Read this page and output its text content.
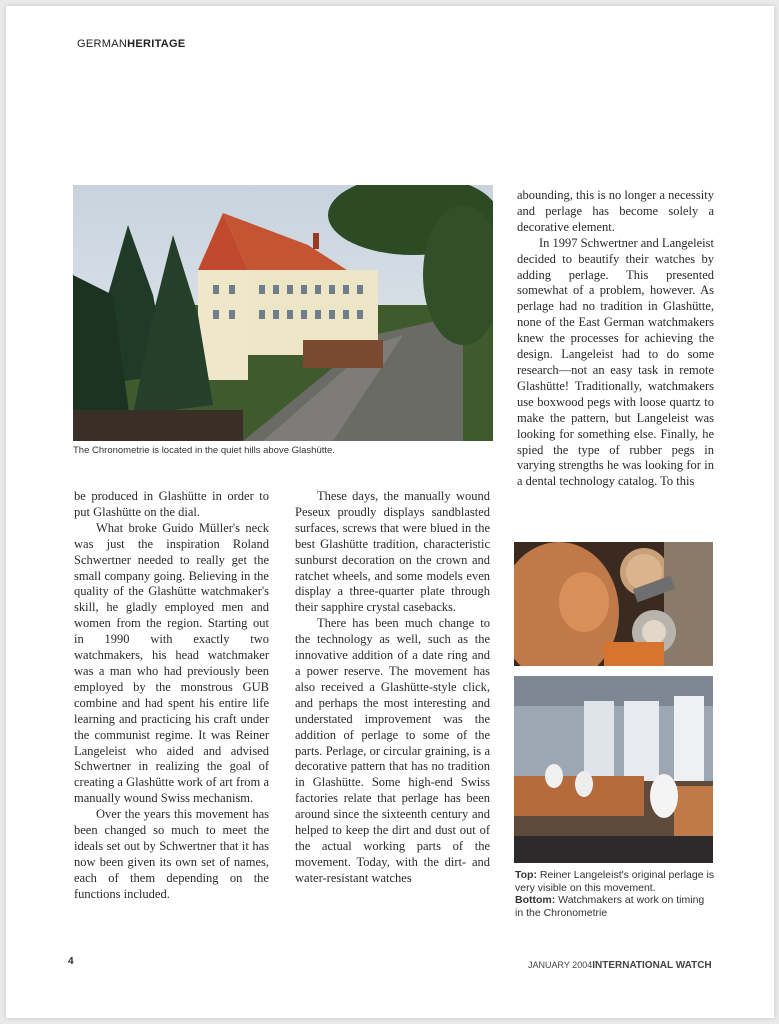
GERMANHERITAGE
The Chronometrie is located in the quiet hills above Glashütte.

be produced in Glashütte in order to put Glashütte on the dial.

What broke Guido Müller's neck was just the inspiration Roland Schwertner needed to really get the small company going. Believing in the quality of the Glashütte watchmaker's skill, he gladly employed men and women from the region. Starting out in 1990 with exactly two watchmakers, his head watchmaker was a man who had previously been employed by the monstrous GUB combine and had spent his entire life learning and practicing his craft under the communist regime. It was Reiner Langeleist who aided and advised Schwertner in realizing the goal of creating a Glashütte work of art from a manually wound Swiss mechanism.

Over the years this movement has been changed so much to meet the ideals set out by Schwertner that it has now been given its own set of names, each of them depending on the functions included.

These days, the manually wound Peseux proudly displays sandblasted surfaces, screws that were blued in the best Glashütte tradition, characteristic sunburst decoration on the crown and ratchet wheels, and some models even display a three-quarter plate through their sapphire crystal casebacks.

There has been much change to the technology as well, such as the innovative addition of a date ring and a power reserve. The movement has also received a Glashütte-style click, and perhaps the most interesting and understated improvement was the addition of perlage to some of the parts. Perlage, or circular graining, is a decorative pattern that has no tradition in Glashütte. Some high-end Swiss factories relate that perlage has been around since the sixteenth century and helped to keep the dirt and dust out of the actual working parts of the movement. Today, with the dirt- and water-resistant watches

abounding, this is no longer a necessity and perlage has become solely a decorative element.

In 1997 Schwertner and Langeleist decided to beautify their watches by adding perlage. This presented somewhat of a problem, however. As perlage had no tradition in Glashütte, none of the East German watchmakers knew the processes for achieving the design. Langeleist had to do some research—not an easy task in remote Glashütte! Traditionally, watchmakers use boxwood pegs with loose quartz to make the pattern, but Langeleist was looking for something else. Finally, he spied the type of rubber pegs in varying strengths he was looking for in a dental technology catalog. To this

Top: Reiner Langeleist's original perlage is very visible on this movement.
Bottom: Watchmakers at work on timing in the Chronometrie
4	JANUARY 2004INTERNATIONAL WATCH
